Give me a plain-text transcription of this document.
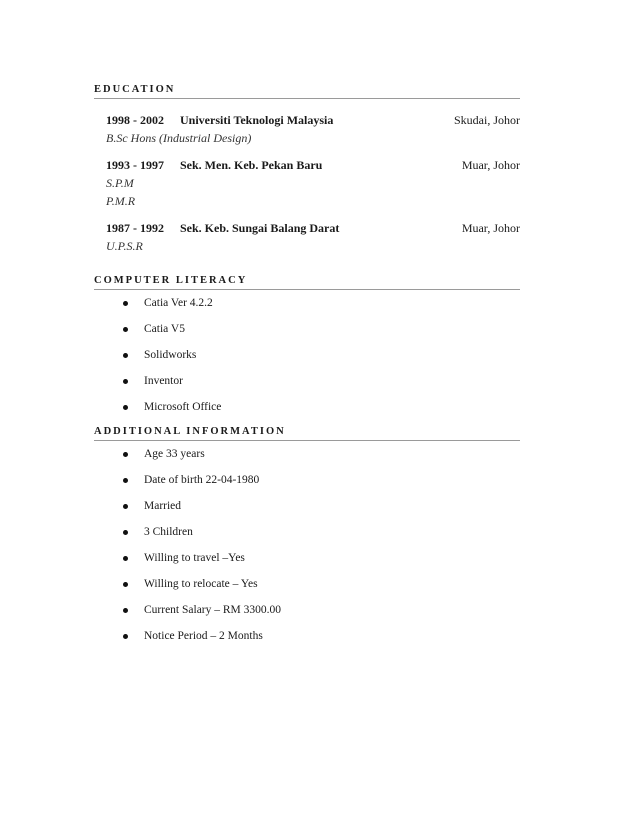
EDUCATION
1998 - 2002	Universiti Teknologi Malaysia	Skudai, Johor
B.Sc Hons (Industrial Design)
1993 - 1997	Sek. Men. Keb. Pekan Baru	Muar, Johor
S.P.M
P.M.R
1987 - 1992	Sek. Keb. Sungai Balang Darat	Muar, Johor
U.P.S.R
COMPUTER LITERACY
Catia Ver 4.2.2
Catia V5
Solidworks
Inventor
Microsoft Office
ADDITIONAL INFORMATION
Age 33 years
Date of birth 22-04-1980
Married
3 Children
Willing to travel –Yes
Willing to relocate – Yes
Current Salary – RM 3300.00
Notice Period – 2 Months
